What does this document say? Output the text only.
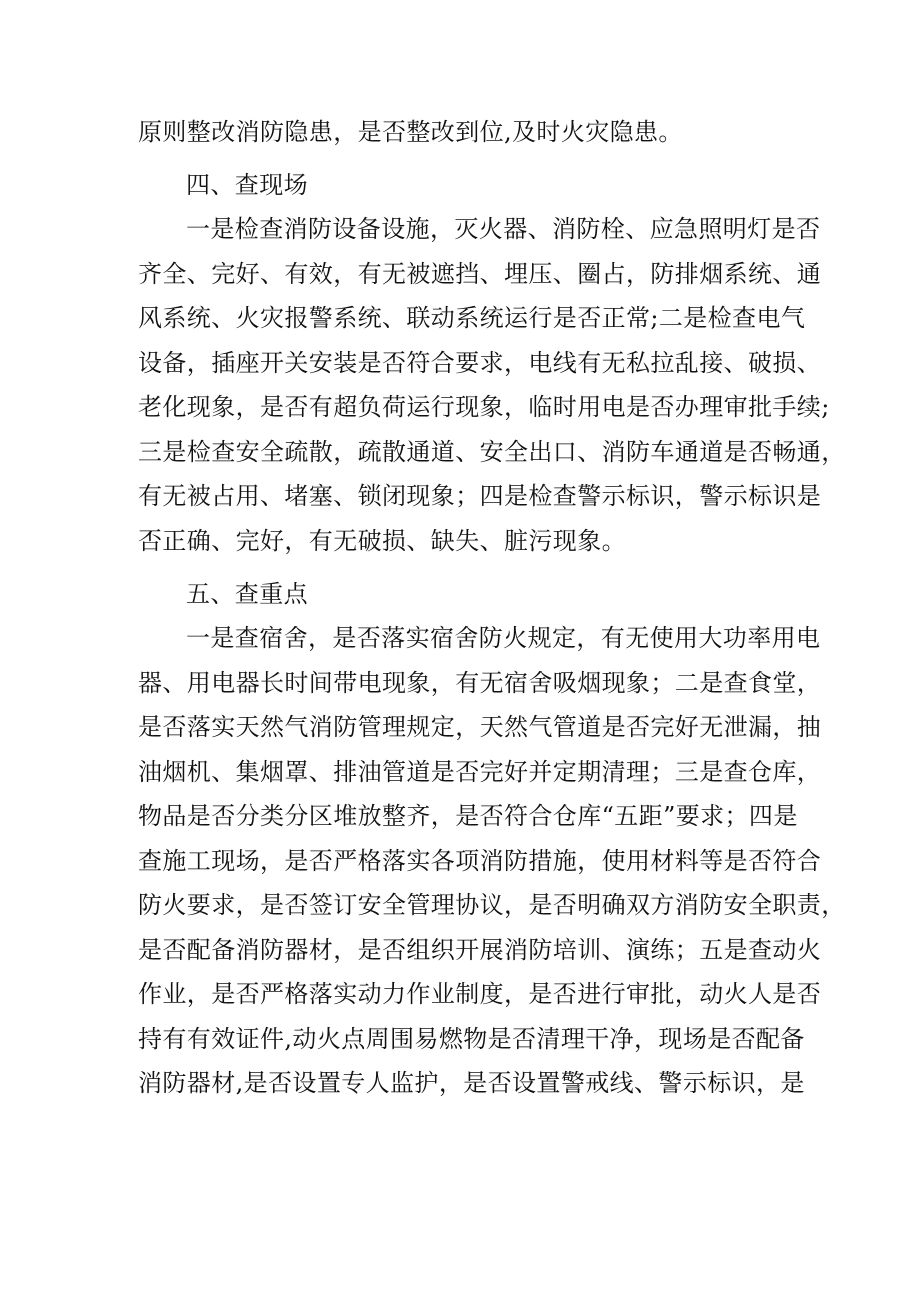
原则整改消防隐患，是否整改到位,及时火灾隐患。
四、查现场
一是检查消防设备设施，灭火器、消防栓、应急照明灯是否
齐全、完好、有效，有无被遮挡、埋压、圈占，防排烟系统、通
风系统、火灾报警系统、联动系统运行是否正常;二是检查电气
设备，插座开关安装是否符合要求，电线有无私拉乱接、破损、
老化现象，是否有超负荷运行现象，临时用电是否办理审批手续;
三是检查安全疏散，疏散通道、安全出口、消防车通道是否畅通，
有无被占用、堵塞、锁闭现象；四是检查警示标识，警示标识是
否正确、完好，有无破损、缺失、脏污现象。
五、查重点
一是查宿舍，是否落实宿舍防火规定，有无使用大功率用电
器、用电器长时间带电现象，有无宿舍吸烟现象；二是查食堂，
是否落实天然气消防管理规定，天然气管道是否完好无泄漏，抽
油烟机、集烟罩、排油管道是否完好并定期清理；三是查仓库，
物品是否分类分区堆放整齐，是否符合仓库“五距”要求；四是
查施工现场，是否严格落实各项消防措施，使用材料等是否符合
防火要求，是否签订安全管理协议，是否明确双方消防安全职责，
是否配备消防器材，是否组织开展消防培训、演练；五是查动火
作业，是否严格落实动力作业制度，是否进行审批，动火人是否
持有有效证件,动火点周围易燃物是否清理干净，现场是否配备
消防器材,是否设置专人监护，是否设置警戒线、警示标识，是
